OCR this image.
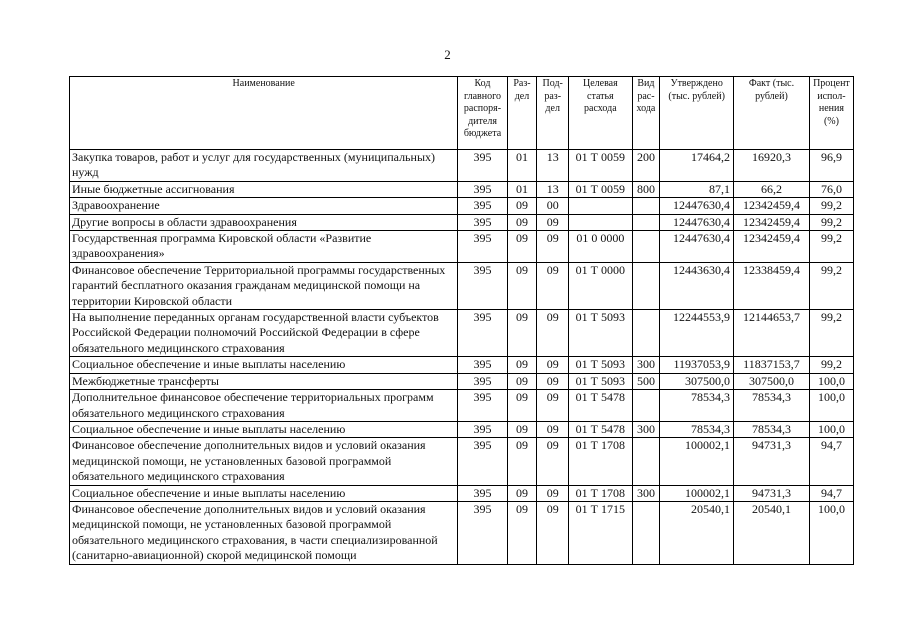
2
Наименование	Код главного распоря-дителя бюджета	Раз-дел	Под-раз-дел	Целевая статья расхода	Вид рас-хода	Утверждено (тыс. рублей)	Факт (тыс. рублей)	Процент испол-нения (%)
Закупка товаров, работ и услуг для государственных (муниципальных) нужд	395	01	13	01 Т 0059	200	17464,2	16920,3	96,9
Иные бюджетные ассигнования	395	01	13	01 Т 0059	800	87,1	66,2	76,0
Здравоохранение	395	09	00			12447630,4	12342459,4	99,2
Другие вопросы в области здравоохранения	395	09	09			12447630,4	12342459,4	99,2
Государственная программа Кировской области «Развитие здравоохранения»	395	09	09	01 0 0000		12447630,4	12342459,4	99,2
Финансовое обеспечение Территориальной программы государственных гарантий бесплатного оказания гражданам медицинской помощи на территории Кировской области	395	09	09	01 Т 0000		12443630,4	12338459,4	99,2
На выполнение переданных органам государственной власти субъектов Российской Федерации полномочий Российской Федерации в сфере обязательного медицинского страхования	395	09	09	01 Т 5093		12244553,9	12144653,7	99,2
Социальное обеспечение и иные выплаты населению	395	09	09	01 Т 5093	300	11937053,9	11837153,7	99,2
Межбюджетные трансферты	395	09	09	01 Т 5093	500	307500,0	307500,0	100,0
Дополнительное финансовое обеспечение территориальных программ обязательного медицинского страхования	395	09	09	01 Т 5478		78534,3	78534,3	100,0
Социальное обеспечение и иные выплаты населению	395	09	09	01 Т 5478	300	78534,3	78534,3	100,0
Финансовое обеспечение дополнительных видов и условий оказания медицинской помощи, не установленных базовой программой обязательного медицинского страхования	395	09	09	01 Т 1708		100002,1	94731,3	94,7
Социальное обеспечение и иные выплаты населению	395	09	09	01 Т 1708	300	100002,1	94731,3	94,7
Финансовое обеспечение дополнительных видов и условий оказания медицинской помощи, не установленных базовой программой обязательного медицинского страхования, в части специализированной (санитарно-авиационной) скорой медицинской помощи	395	09	09	01 Т 1715		20540,1	20540,1	100,0
